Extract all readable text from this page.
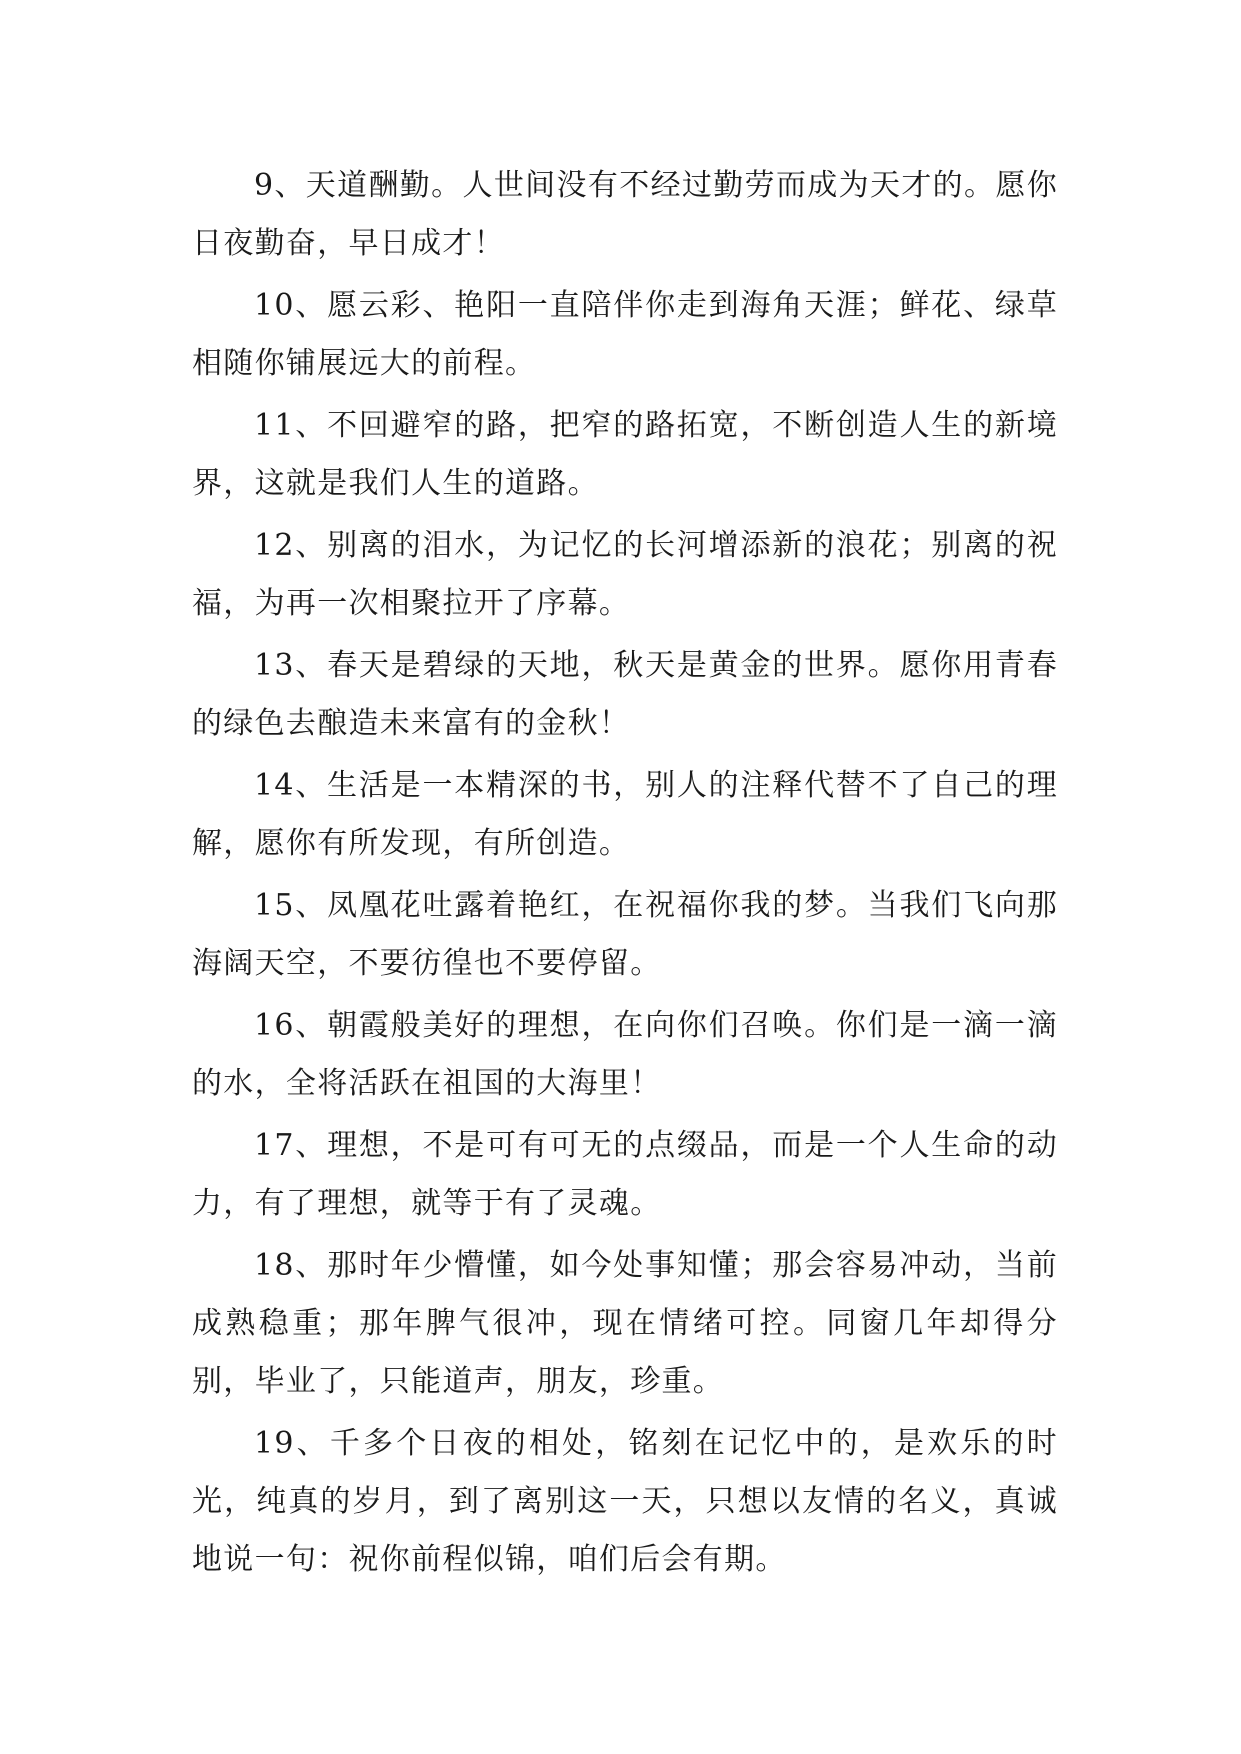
9、天道酬勤。人世间没有不经过勤劳而成为天才的。愿你日夜勤奋，早日成才！

10、愿云彩、艳阳一直陪伴你走到海角天涯；鲜花、绿草相随你铺展远大的前程。

11、不回避窄的路，把窄的路拓宽，不断创造人生的新境界，这就是我们人生的道路。

12、别离的泪水，为记忆的长河增添新的浪花；别离的祝福，为再一次相聚拉开了序幕。

13、春天是碧绿的天地，秋天是黄金的世界。愿你用青春的绿色去酿造未来富有的金秋！

14、生活是一本精深的书，别人的注释代替不了自己的理解，愿你有所发现，有所创造。

15、凤凰花吐露着艳红，在祝福你我的梦。当我们飞向那海阔天空，不要彷徨也不要停留。

16、朝霞般美好的理想，在向你们召唤。你们是一滴一滴的水，全将活跃在祖国的大海里！

17、理想，不是可有可无的点缀品，而是一个人生命的动力，有了理想，就等于有了灵魂。

18、那时年少懵懂，如今处事知懂；那会容易冲动，当前成熟稳重；那年脾气很冲，现在情绪可控。同窗几年却得分别，毕业了，只能道声，朋友，珍重。

19、千多个日夜的相处，铭刻在记忆中的，是欢乐的时光，纯真的岁月，到了离别这一天，只想以友情的名义，真诚地说一句：祝你前程似锦，咱们后会有期。
